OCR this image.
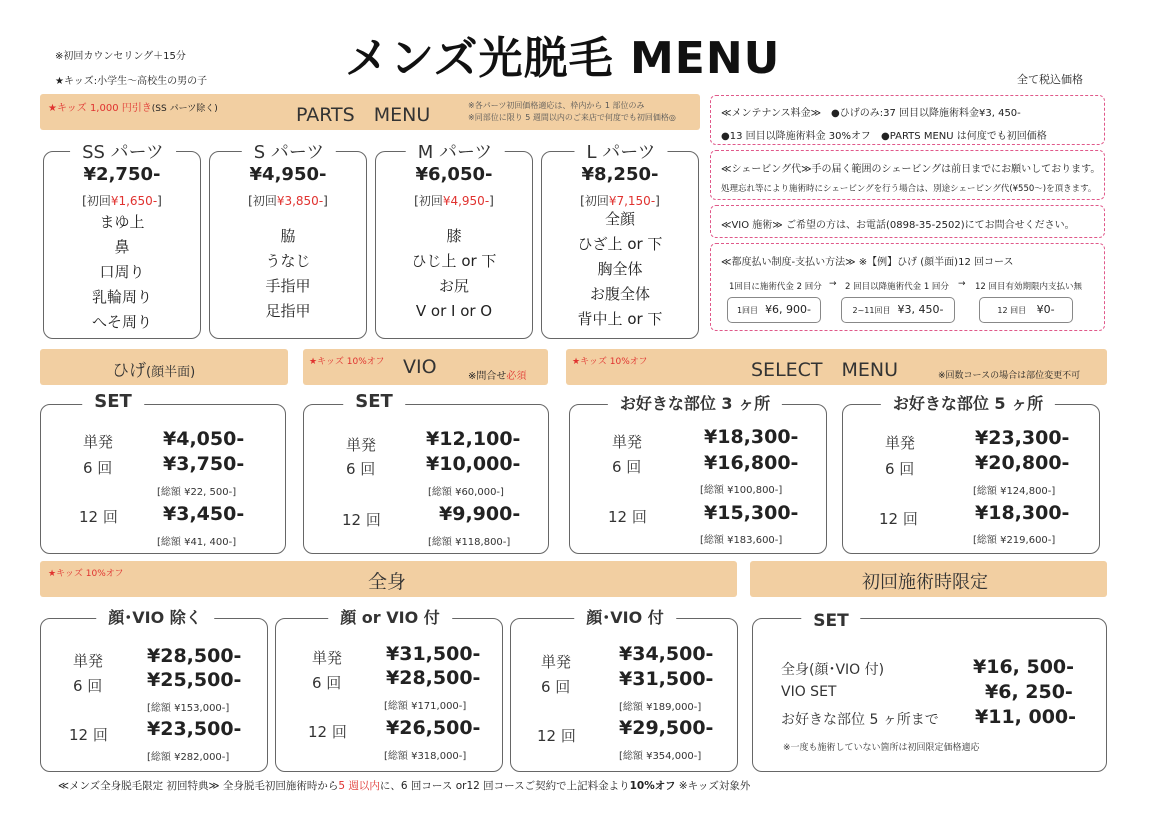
※初回カウンセリング＋15分
★キッズ:小学生～高校生の男の子	メンズ光脱毛 MENU	全て税込価格
★キッズ 1,000 円引き(SS パーツ除く)	PARTS　MENU	※各パーツ初回価格適応は、枠内から 1 部位のみ
※同部位に限り 5 週間以内のご来店で何度でも初回価格◎
SS パーツ
¥2,750-
[初回¥1,650-]
まゆ上
鼻
口周り
乳輪周り
へそ周り
S パーツ
¥4,950-
[初回¥3,850-]
脇
うなじ
手指甲
足指甲
M パーツ
¥6,050-
[初回¥4,950-]
膝
ひじ上 or 下
お尻
V or I or O
L パーツ
¥8,250-
[初回¥7,150-]
全顔
ひざ上 or 下
胸全体
お腹全体
背中上 or 下
≪メンテナンス料金≫ ●ひげのみ:37 回目以降施術料金¥3, 450-
●13 回目以降施術料金 30%オフ ●PARTS MENU は何度でも初回価格
≪シェービング代≫手の届く範囲のシェービングは前日までにお願いしております。
処理忘れ等により施術時にシェービングを行う場合は、別途シェービング代(¥550～)を頂きます。
≪VIO 施術≫ ご希望の方は、お電話(0898-35-2502)にてお問合せください。
≪都度払い制度-支払い方法≫ ※【例】ひげ (顔半面)12 回コース
1回目に施術代金 2 回分 → 2 回目以降施術代金 1 回分 → 12 回目有効期限内支払い無
1回目 ¥6, 900-	2~11回目 ¥3, 450-	12 回目 ¥0-
ひげ(顔半面)
★キッズ 10%オフ VIO	※問合せ必須
★キッズ 10%オフ	SELECT　MENU	※回数コースの場合は部位変更不可
SET
単発	¥4,050-
6 回	¥3,750-
[総額 ¥22, 500-]
12 回 ¥3,450-
[総額 ¥41, 400-]
SET
単発	¥12,100-
6 回	¥10,000-
[総額 ¥60,000-]
12 回	¥9,900-
[総額 ¥118,800-]
お好きな部位 3 ヶ所
単発	¥18,300-
6 回	¥16,800-
[総額 ¥100,800-]
12 回	¥15,300-
[総額 ¥183,600-]
お好きな部位 5 ヶ所
単発	¥23,300-
6 回	¥20,800-
[総額 ¥124,800-]
12 回	¥18,300-
[総額 ¥219,600-]
★キッズ 10%オフ	全身	初回施術時限定
顔･VIO 除く
単発 ¥28,500-
6 回 ¥25,500-
[総額 ¥153,000-]
12 回 ¥23,500-
[総額 ¥282,000-]
顔 or VIO 付
単発 ¥31,500-
6 回 ¥28,500-
[総額 ¥171,000-]
12 回 ¥26,500-
[総額 ¥318,000-]
顔･VIO 付
単発	¥34,500-
6 回	¥31,500-
[総額 ¥189,000-]
12 回 ¥29,500-
[総額 ¥354,000-]
SET
全身(顔･VIO 付)	¥16, 500-
VIO SET	¥6, 250-
お好きな部位 5 ヶ所まで ¥11, 000-
※一度も施術していない箇所は初回限定価格適応
≪メンズ全身脱毛限定 初回特典≫ 全身脱毛初回施術時から5 週以内に、6 回コース or12 回コースご契約で上記料金より10%オフ ※キッズ対象外
